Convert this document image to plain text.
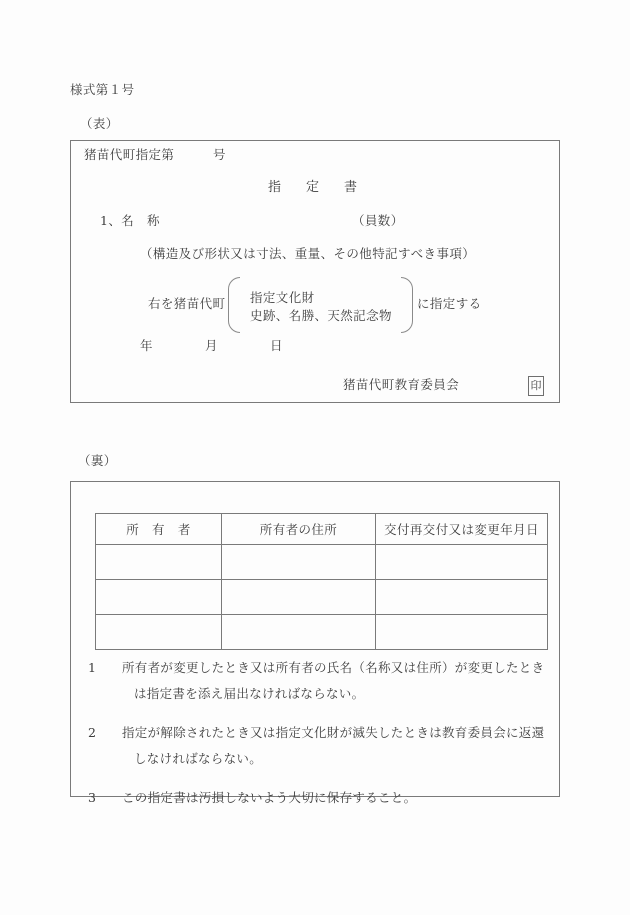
様式第１号
（表）
猪苗代町指定第　　　号
指　定　書
1、名　称	（員数）
（構造及び形状又は寸法、重量、その他特記すべき事項）
右を猪苗代町 指定文化財
史跡、名勝、天然記念物
に指定する
年　　　　月　　　　日
猪苗代町教育委員会	印
（裏）
所　有　者	所有者の住所	交付再交付又は変更年月日

1	所有者が変更したとき又は所有者の氏名（名称又は住所）が変更したときは指定書を添え届出なければならない。
2	指定が解除されたとき又は指定文化財が滅失したときは教育委員会に返還しなければならない。
3	この指定書は汚損しないよう大切に保存すること。
